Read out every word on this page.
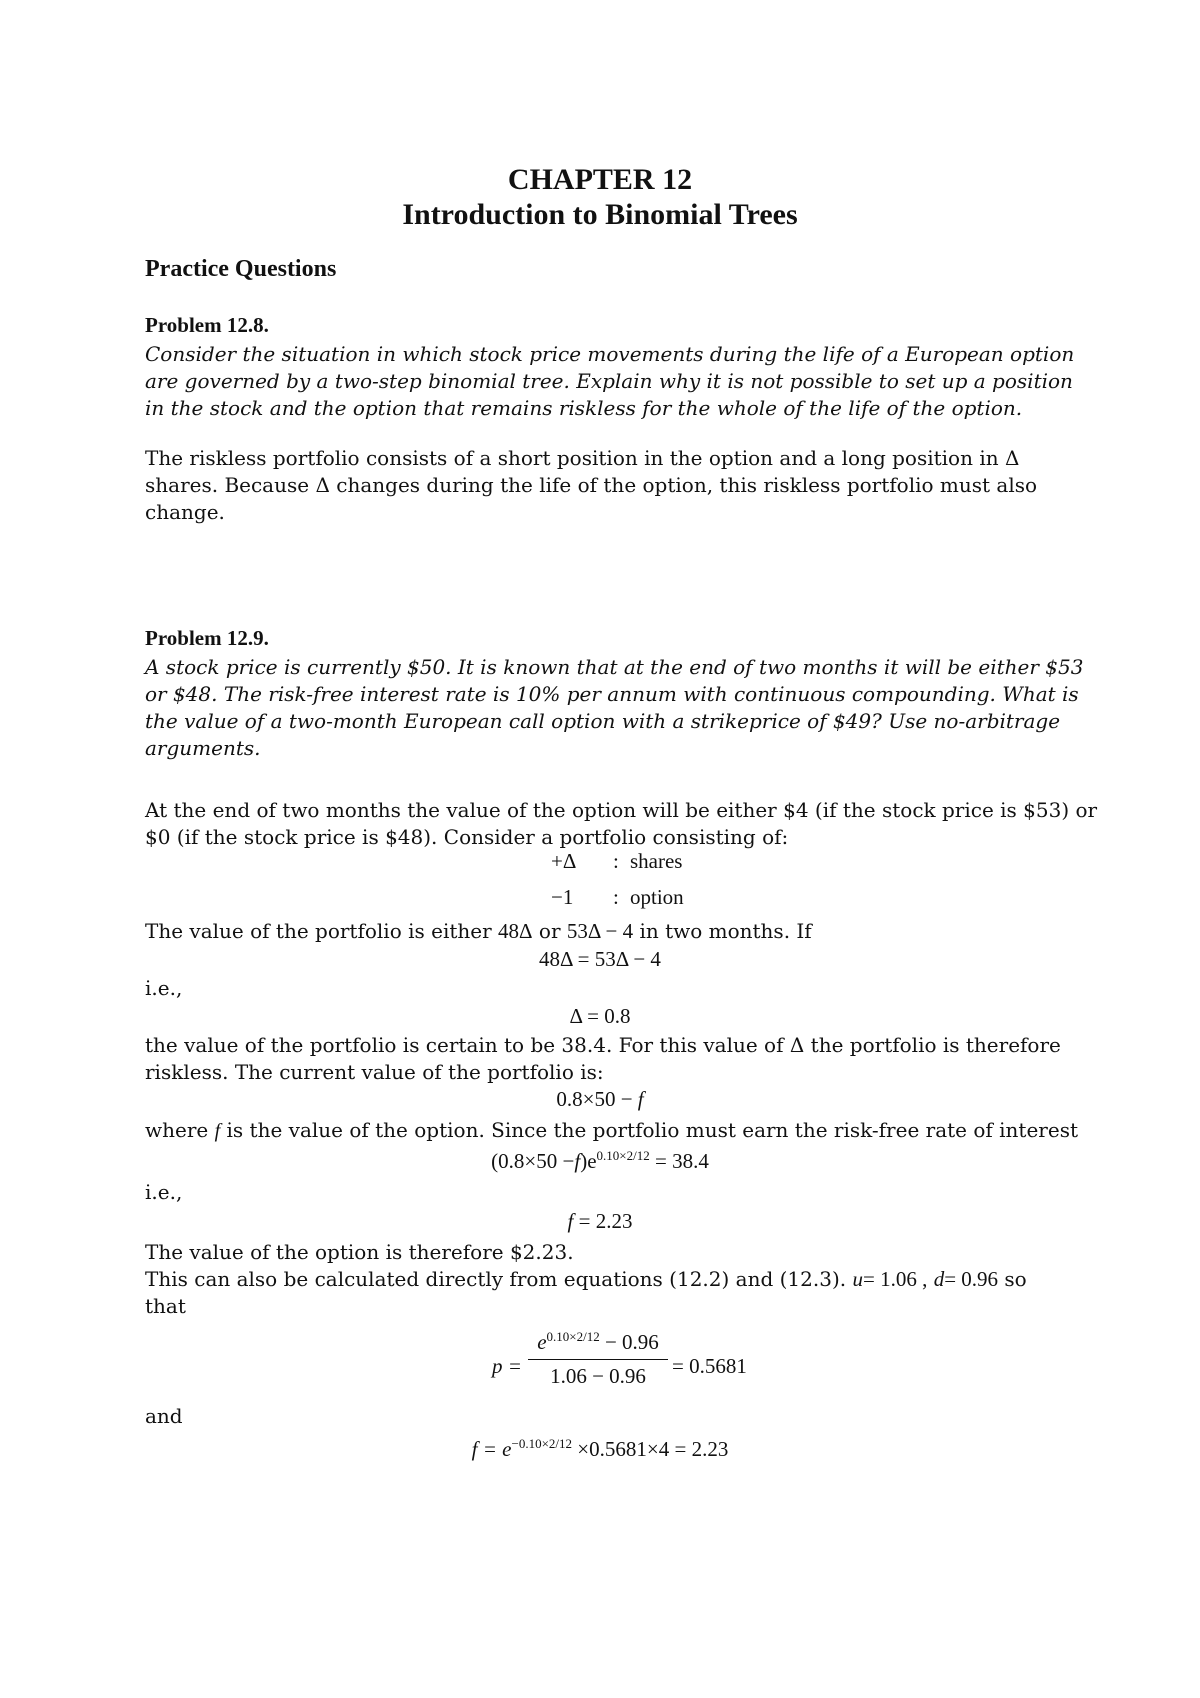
CHAPTER 12
Introduction to Binomial Trees
Practice Questions
Problem 12.8.
Consider the situation in which stock price movements during the life of a European option
are governed by a two-step binomial tree. Explain why it is not possible to set up a position
in the stock and the option that remains riskless for the whole of the life of the option.
The riskless portfolio consists of a short position in the option and a long position in Δ
shares. Because Δ changes during the life of the option, this riskless portfolio must also
change.
Problem 12.9.
A stock price is currently $50. It is known that at the end of two months it will be either $53
or $48. The risk-free interest rate is 10% per annum with continuous compounding. What is
the value of a two-month European call option with a strikeprice of $49? Use no-arbitrage
arguments.
At the end of two months the value of the option will be either $4 (if the stock price is $53) or
$0 (if the stock price is $48). Consider a portfolio consisting of:
+Δ : shares
−1 : option
The value of the portfolio is either 48Δ or 53Δ − 4 in two months. If
48Δ = 53Δ − 4
i.e.,
Δ = 0.8
the value of the portfolio is certain to be 38.4. For this value of Δ the portfolio is therefore
riskless. The current value of the portfolio is:
0.8×50 − f
where f is the value of the option. Since the portfolio must earn the risk-free rate of interest
$(0.8\times 50 -f)e^{0.10\times 2/12} = 38.4$
i.e.,
f = 2.23
The value of the option is therefore $2.23.
This can also be calculated directly from equations (12.2) and (12.3). u= 1.06 , d= 0.96 so
that
p =
$e^{0.10\times 2/12} - 0.96$
1.06 − 0.96	= 0.5681
and
$f = e^{-0.10\times 2/12} \times 0.5681\times 4 = 2.23$
